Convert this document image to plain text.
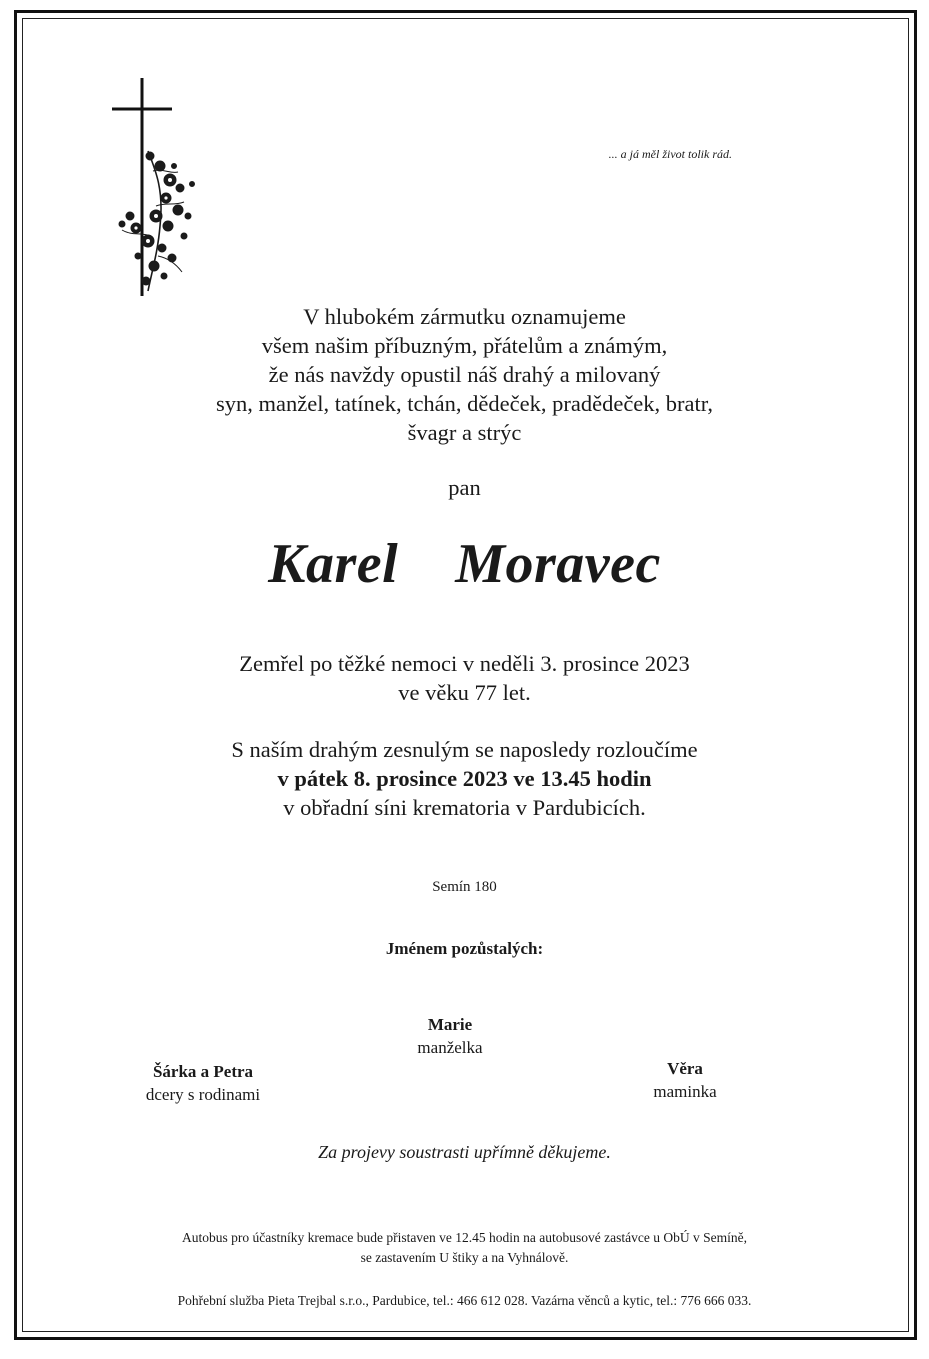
... a já měl život tolik rád.
V hlubokém zármutku oznamujeme
všem našim příbuzným, přátelům a známým,
že nás navždy opustil náš drahý a milovaný
syn, manžel, tatínek, tchán, dědeček, pradědeček, bratr,
švagr a strýc
pan
Karel  Moravec
Zemřel po těžké nemoci v neděli 3. prosince 2023
ve věku 77 let.
S naším drahým zesnulým se naposledy rozloučíme
v pátek 8. prosince 2023 ve 13.45 hodin
v obřadní síni krematoria v Pardubicích.
Semín 180
Jménem pozůstalých:
Marie
manželka
Šárka a Petra
dcery s rodinami
Věra
maminka
Za projevy soustrasti upřímně děkujeme.
Autobus pro účastníky kremace bude přistaven ve 12.45 hodin na autobusové zastávce u ObÚ v Semíně,
se zastavením U štiky a na Vyhnálově.
Pohřební služba Pieta Trejbal s.r.o., Pardubice, tel.: 466 612 028. Vazárna věnců a kytic, tel.: 776 666 033.
